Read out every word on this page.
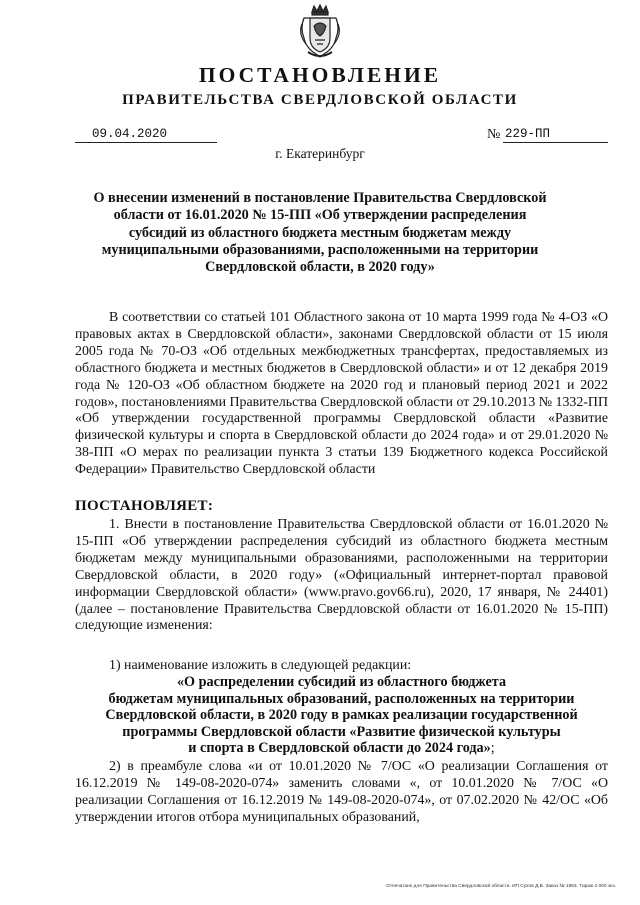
ПОСТАНОВЛЕНИЕ
ПРАВИТЕЛЬСТВА СВЕРДЛОВСКОЙ ОБЛАСТИ
09.04.2020	№ 229-ПП
г. Екатеринбург
О внесении изменений в постановление Правительства Свердловской области от 16.01.2020 № 15-ПП «Об утверждении распределения субсидий из областного бюджета местным бюджетам между муниципальными образованиями, расположенными на территории Свердловской области, в 2020 году»
В соответствии со статьей 101 Областного закона от 10 марта 1999 года № 4-ОЗ «О правовых актах в Свердловской области», законами Свердловской области от 15 июля 2005 года № 70-ОЗ «Об отдельных межбюджетных трансфертах, предоставляемых из областного бюджета и местных бюджетов в Свердловской области» и от 12 декабря 2019 года № 120-ОЗ «Об областном бюджете на 2020 год и плановый период 2021 и 2022 годов», постановлениями Правительства Свердловской области от 29.10.2013 № 1332-ПП «Об утверждении государственной программы Свердловской области «Развитие физической культуры и спорта в Свердловской области до 2024 года» и от 29.01.2020 № 38-ПП «О мерах по реализации пункта 3 статьи 139 Бюджетного кодекса Российской Федерации» Правительство Свердловской области
ПОСТАНОВЛЯЕТ:
1. Внести в постановление Правительства Свердловской области от 16.01.2020 № 15-ПП «Об утверждении распределения субсидий из областного бюджета местным бюджетам между муниципальными образованиями, расположенными на территории Свердловской области, в 2020 году» («Официальный интернет-портал правовой информации Свердловской области» (www.pravo.gov66.ru), 2020, 17 января, № 24401) (далее – постановление Правительства Свердловской области от 16.01.2020 № 15-ПП) следующие изменения:
1) наименование изложить в следующей редакции:
«О распределении субсидий из областного бюджета
бюджетам муниципальных образований, расположенных на территории
Свердловской области, в 2020 году в рамках реализации государственной
программы Свердловской области «Развитие физической культуры
и спорта в Свердловской области до 2024 года»;
2) в преамбуле слова «и от 10.01.2020 № 7/ОС «О реализации Соглашения от 16.12.2019 № 149-08-2020-074» заменить словами «, от 10.01.2020 № 7/ОС «О реализации Соглашения от 16.12.2019 № 149-08-2020-074», от 07.02.2020 № 42/ОС «Об утверждении итогов отбора муниципальных образований,
Отпечатано для Правительства Свердловской области. ИП Сухов Д.В. Заказ № 1963. Тираж 2 000 экз.
